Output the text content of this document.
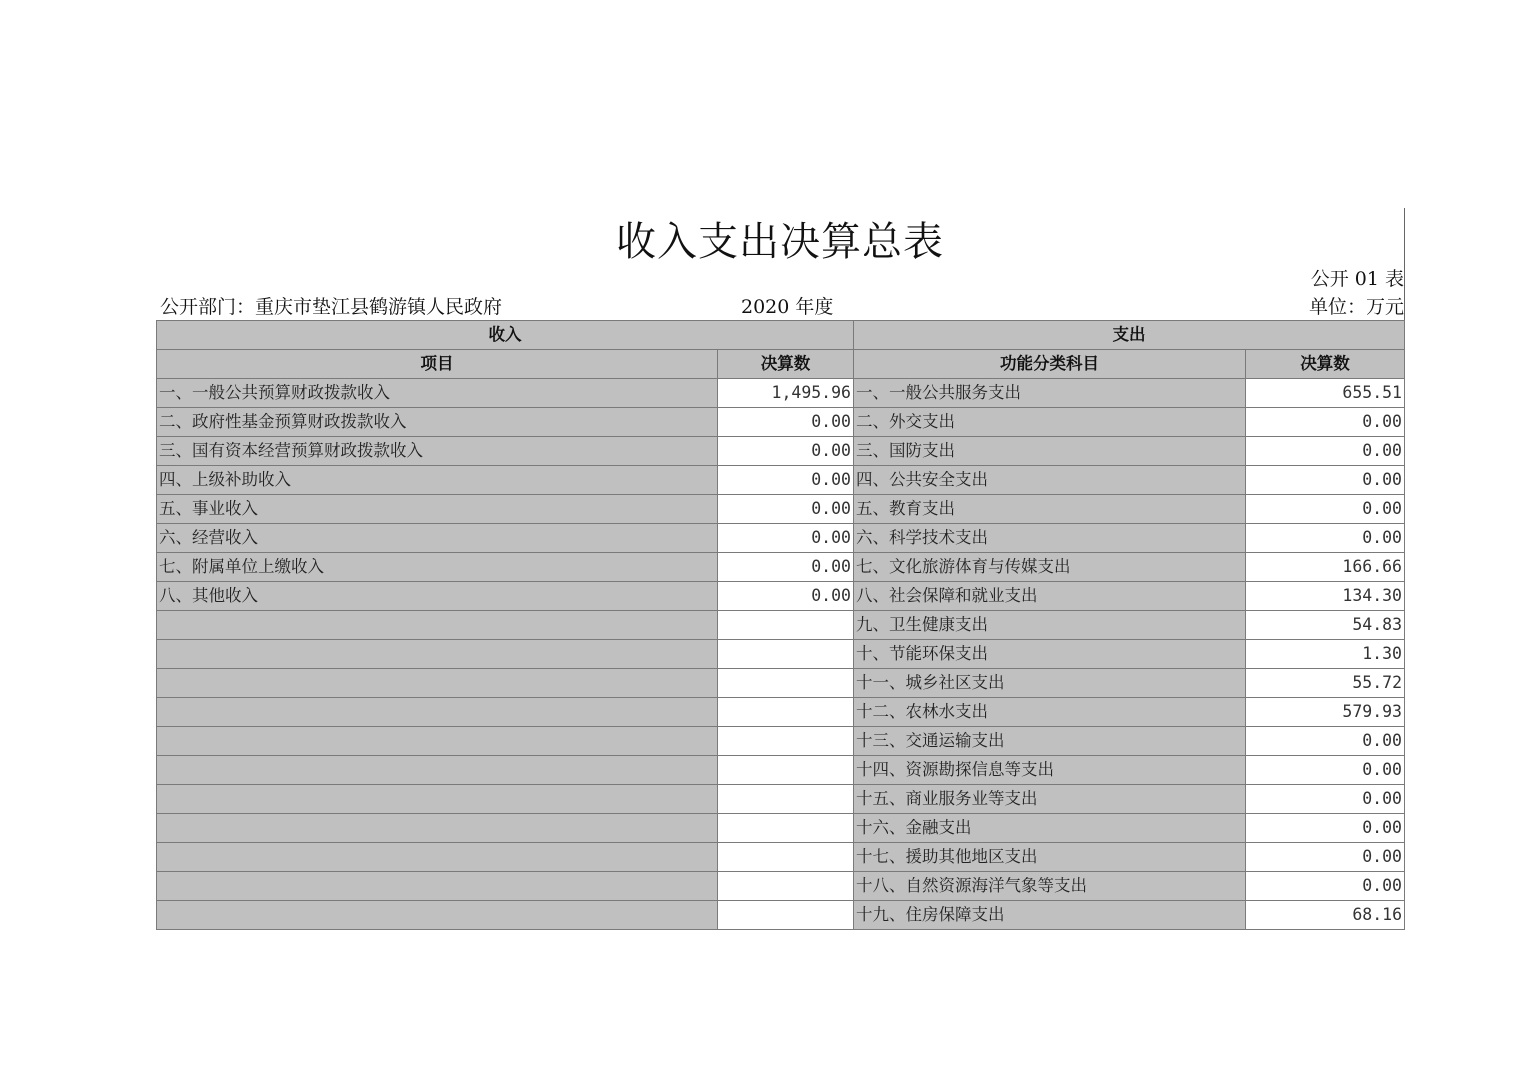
收入支出决算总表
公开 01 表
公开部门：重庆市垫江县鹤游镇人民政府	2020 年度	单位：万元
收入		支出	
项目	决算数	功能分类科目	决算数
一、一般公共预算财政拨款收入	1,495.96	一、一般公共服务支出	655.51
二、政府性基金预算财政拨款收入	0.00	二、外交支出	0.00
三、国有资本经营预算财政拨款收入	0.00	三、国防支出	0.00
四、上级补助收入	0.00	四、公共安全支出	0.00
五、事业收入	0.00	五、教育支出	0.00
六、经营收入	0.00	六、科学技术支出	0.00
七、附属单位上缴收入	0.00	七、文化旅游体育与传媒支出	166.66
八、其他收入	0.00	八、社会保障和就业支出	134.30
		九、卫生健康支出	54.83
		十、节能环保支出	1.30
		十一、城乡社区支出	55.72
		十二、农林水支出	579.93
		十三、交通运输支出	0.00
		十四、资源勘探信息等支出	0.00
		十五、商业服务业等支出	0.00
		十六、金融支出	0.00
		十七、援助其他地区支出	0.00
		十八、自然资源海洋气象等支出	0.00
		十九、住房保障支出	68.16
